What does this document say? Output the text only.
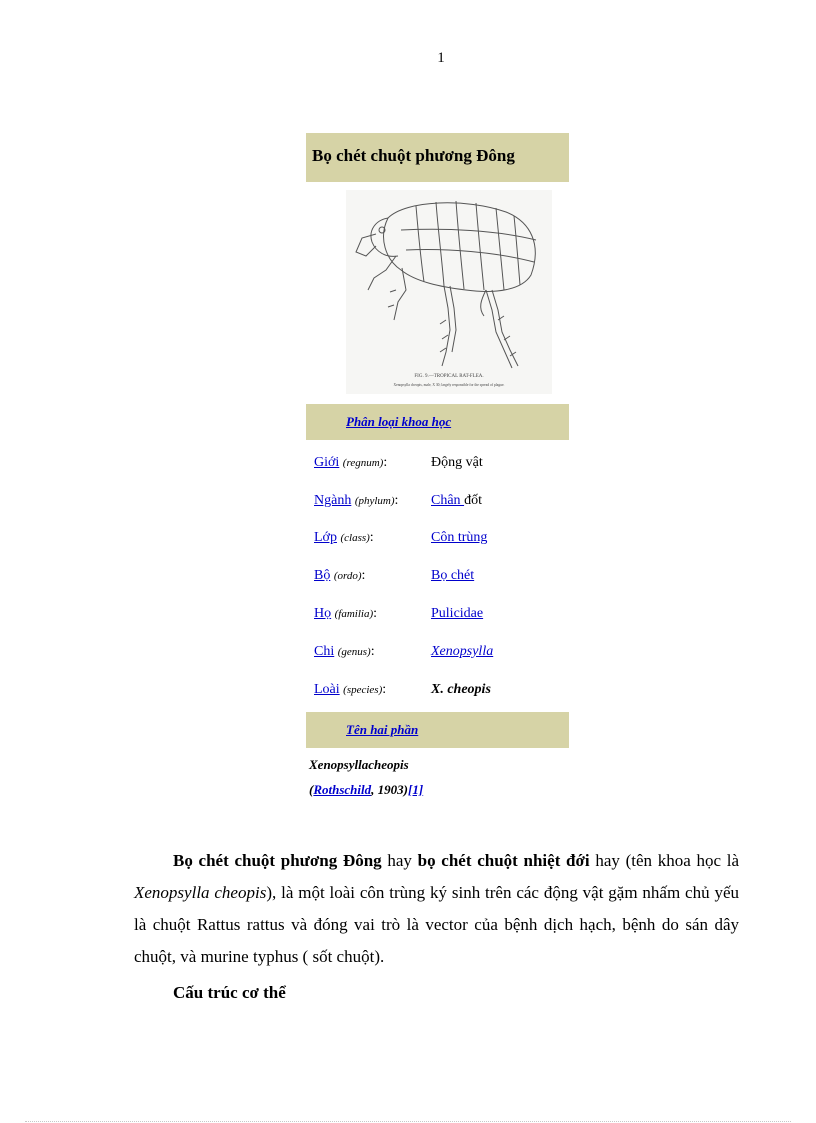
1
Bọ chét chuột phương Đông
FIG. 9.—TROPICAL RAT-FLEA.
Xenopsylla cheopis, male, X 30; largely responsible for the spread of plague.
Phân loại khoa học
Giới (regnum):	Động vật
Ngành (phylum):	Chân đốt
Lớp (class):	Côn trùng
Bộ (ordo):	Bọ chét
Họ (familia):	Pulicidae
Chi (genus):	Xenopsylla
Loài (species):	X. cheopis
Tên hai phần
Xenopsyllacheopis
(Rothschild, 1903)[1]

Bọ chét chuột phương Đông hay bọ chét chuột nhiệt đới hay (tên khoa học là Xenopsylla cheopis), là một loài côn trùng ký sinh trên các động vật gặm nhấm chủ yếu là chuột Rattus rattus và đóng vai trò là vector của bệnh dịch hạch, bệnh do sán dây chuột, và murine typhus ( sốt chuột).

Cấu trúc cơ thể
